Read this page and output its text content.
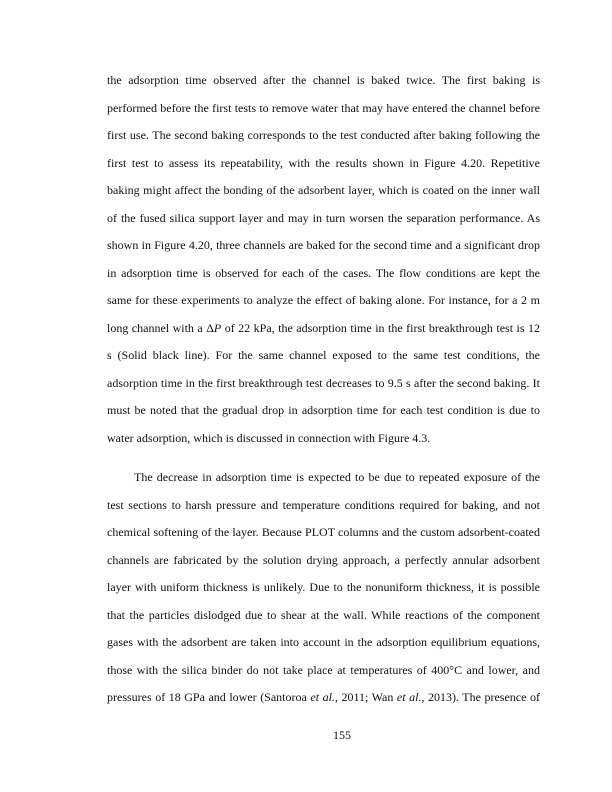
the adsorption time observed after the channel is baked twice. The first baking is
performed before the first tests to remove water that may have entered the channel before
first use. The second baking corresponds to the test conducted after baking following the
first test to assess its repeatability, with the results shown in Figure 4.20. Repetitive
baking might affect the bonding of the adsorbent layer, which is coated on the inner wall
of the fused silica support layer and may in turn worsen the separation performance. As
shown in Figure 4.20, three channels are baked for the second time and a significant drop
in adsorption time is observed for each of the cases. The flow conditions are kept the
same for these experiments to analyze the effect of baking alone. For instance, for a 2 m
long channel with a ΔP of 22 kPa, the adsorption time in the first breakthrough test is 12
s (Solid black line). For the same channel exposed to the same test conditions, the
adsorption time in the first breakthrough test decreases to 9.5 s after the second baking. It
must be noted that the gradual drop in adsorption time for each test condition is due to
water adsorption, which is discussed in connection with Figure 4.3.
The decrease in adsorption time is expected to be due to repeated exposure of the
test sections to harsh pressure and temperature conditions required for baking, and not
chemical softening of the layer. Because PLOT columns and the custom adsorbent-coated
channels are fabricated by the solution drying approach, a perfectly annular adsorbent
layer with uniform thickness is unlikely. Due to the nonuniform thickness, it is possible
that the particles dislodged due to shear at the wall. While reactions of the component
gases with the adsorbent are taken into account in the adsorption equilibrium equations,
those with the silica binder do not take place at temperatures of 400°C and lower, and
pressures of 18 GPa and lower (Santoroa et al., 2011; Wan et al., 2013). The presence of
155
